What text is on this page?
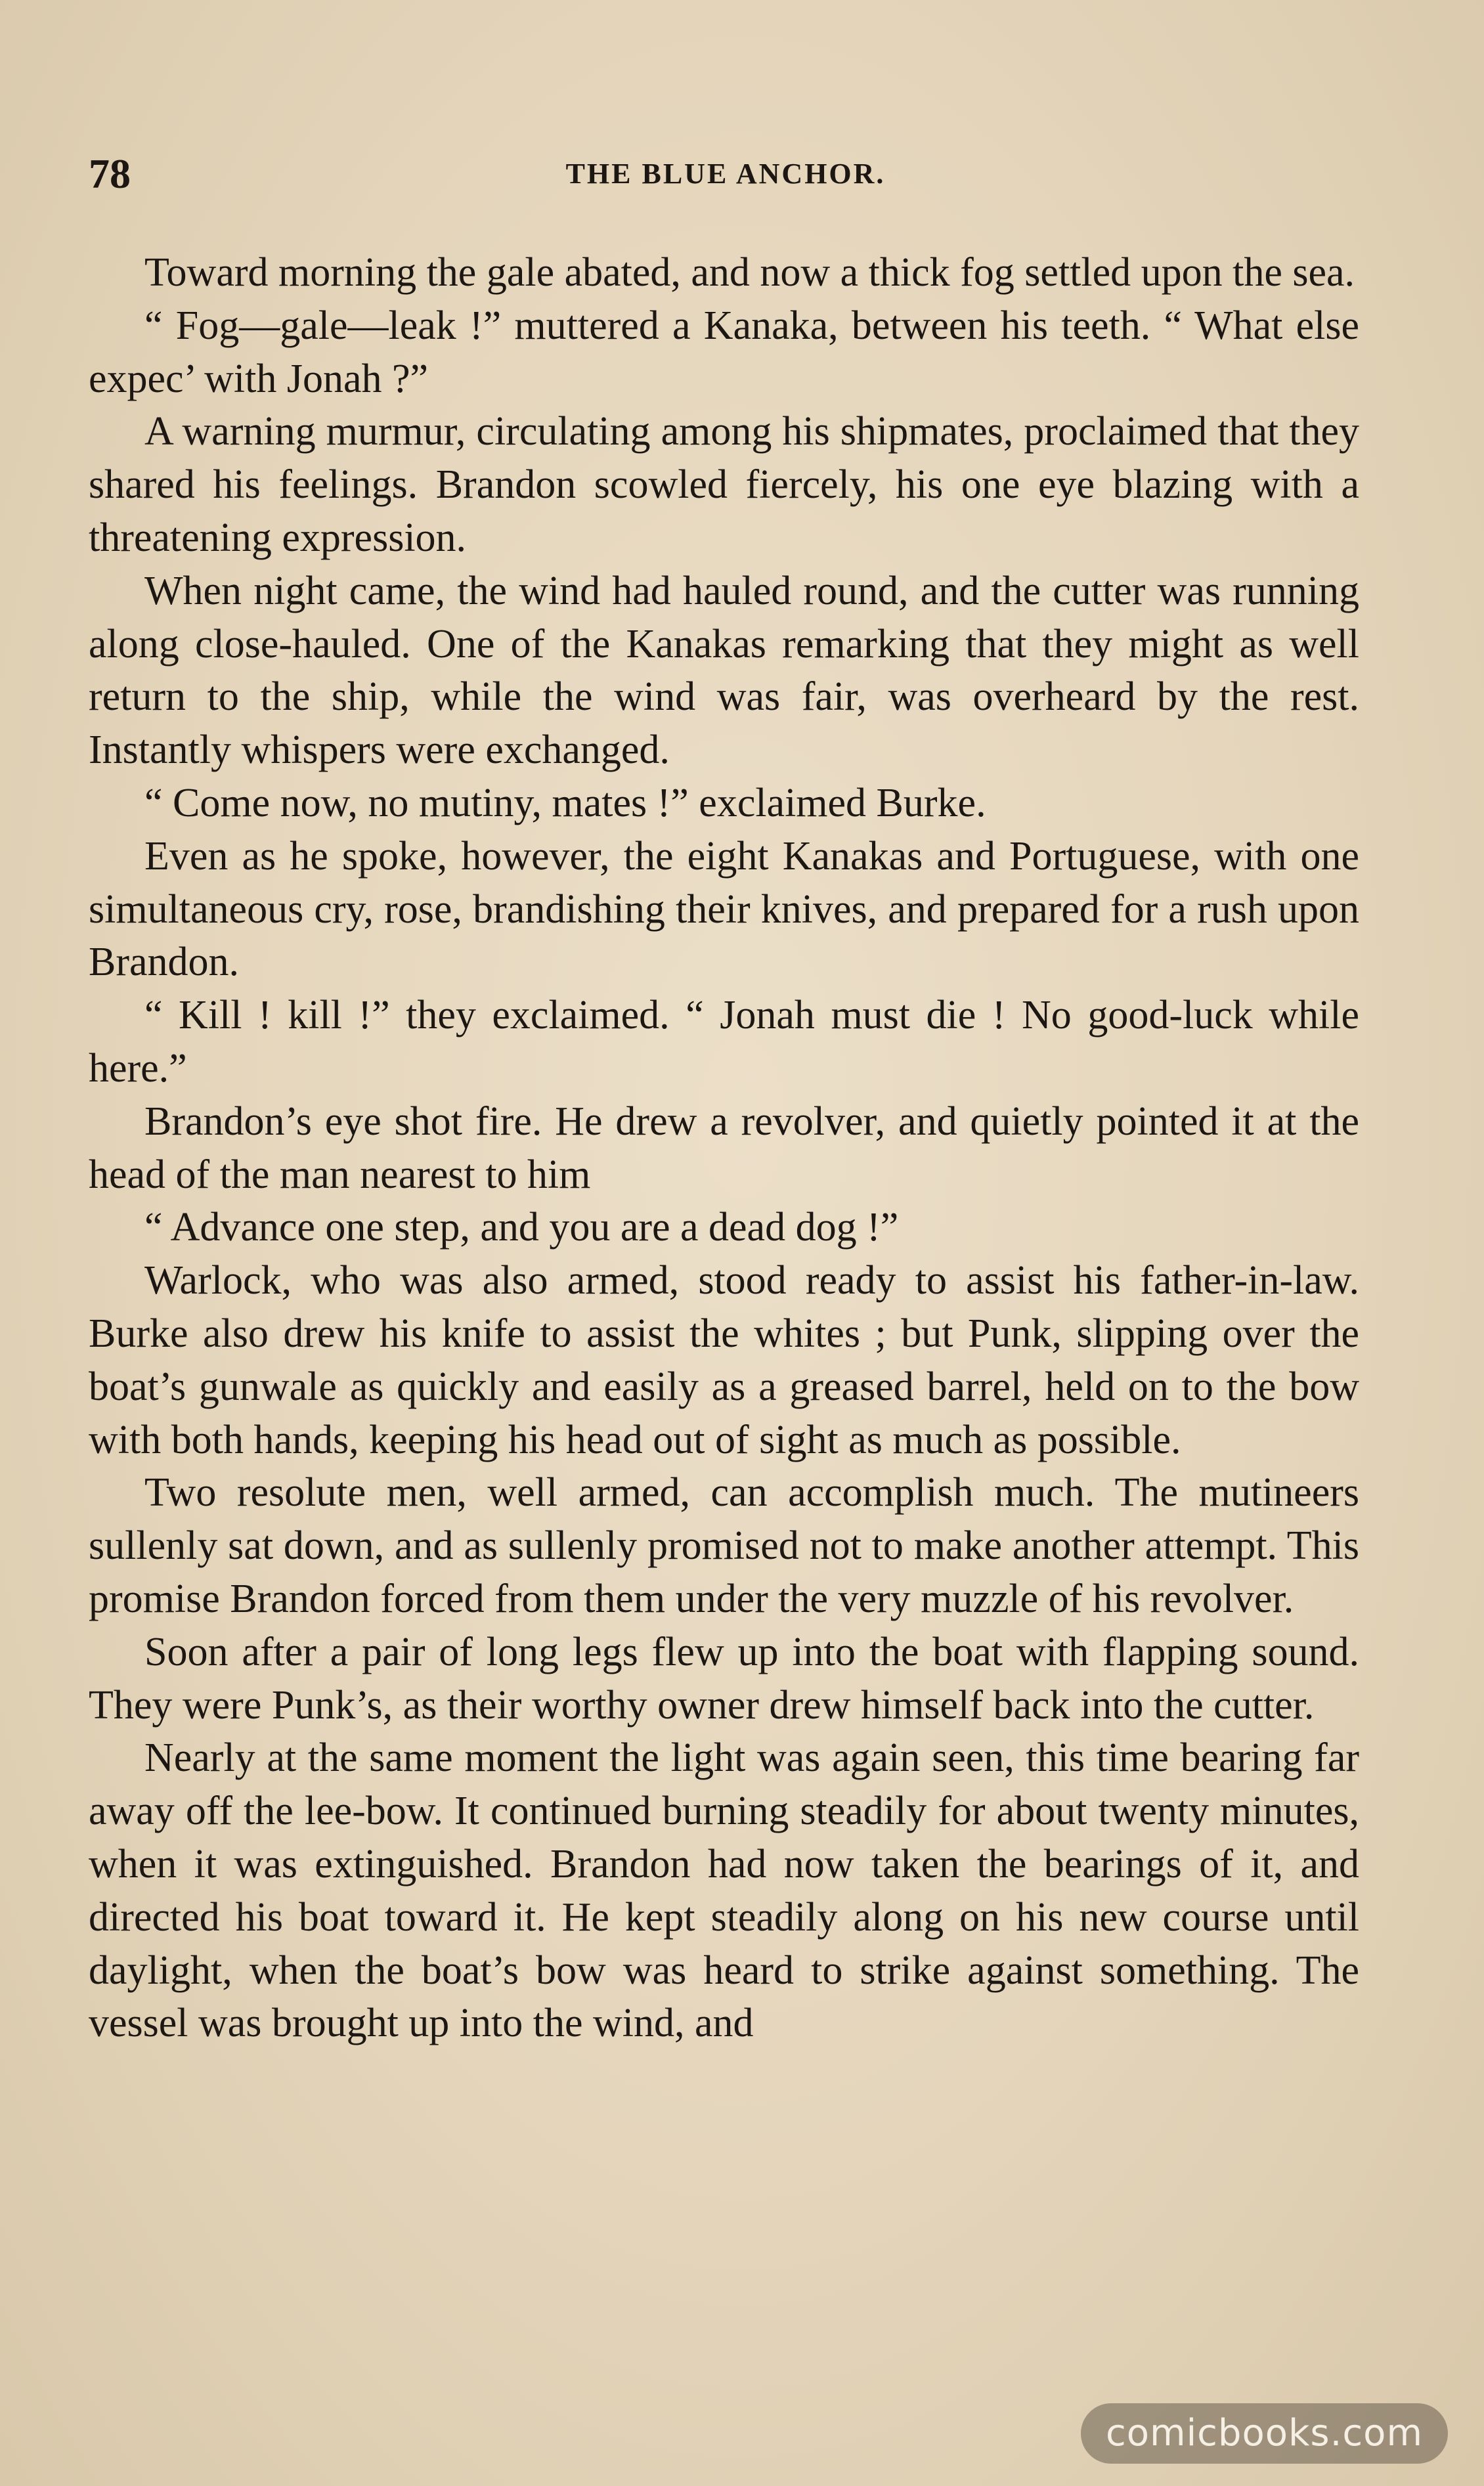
78	THE BLUE ANCHOR.

Toward morning the gale abated, and now a thick fog settled upon the sea.

“ Fog—gale—leak !” muttered a Kanaka, between his teeth. “ What else expec’ with Jonah ?”

A warning murmur, circulating among his shipmates, proclaimed that they shared his feelings. Brandon scowled fiercely, his one eye blazing with a threatening expression.

When night came, the wind had hauled round, and the cutter was running along close-hauled. One of the Kanakas remarking that they might as well return to the ship, while the wind was fair, was overheard by the rest. Instantly whispers were exchanged.

“ Come now, no mutiny, mates !” exclaimed Burke.

Even as he spoke, however, the eight Kanakas and Portuguese, with one simultaneous cry, rose, brandishing their knives, and prepared for a rush upon Brandon.

“ Kill ! kill !” they exclaimed. “ Jonah must die ! No good-luck while here.”

Brandon’s eye shot fire. He drew a revolver, and quietly pointed it at the head of the man nearest to him

“ Advance one step, and you are a dead dog !”

Warlock, who was also armed, stood ready to assist his father-in-law. Burke also drew his knife to assist the whites ; but Punk, slipping over the boat’s gunwale as quickly and easily as a greased barrel, held on to the bow with both hands, keeping his head out of sight as much as possible.

Two resolute men, well armed, can accomplish much. The mutineers sullenly sat down, and as sullenly promised not to make another attempt. This promise Brandon forced from them under the very muzzle of his revolver.

Soon after a pair of long legs flew up into the boat with flapping sound. They were Punk’s, as their worthy owner drew himself back into the cutter.

Nearly at the same moment the light was again seen, this time bearing far away off the lee-bow. It continued burning steadily for about twenty minutes, when it was extinguished. Brandon had now taken the bearings of it, and directed his boat toward it. He kept steadily along on his new course until daylight, when the boat’s bow was heard to strike against something. The vessel was brought up into the wind, and

comicbooks.com
